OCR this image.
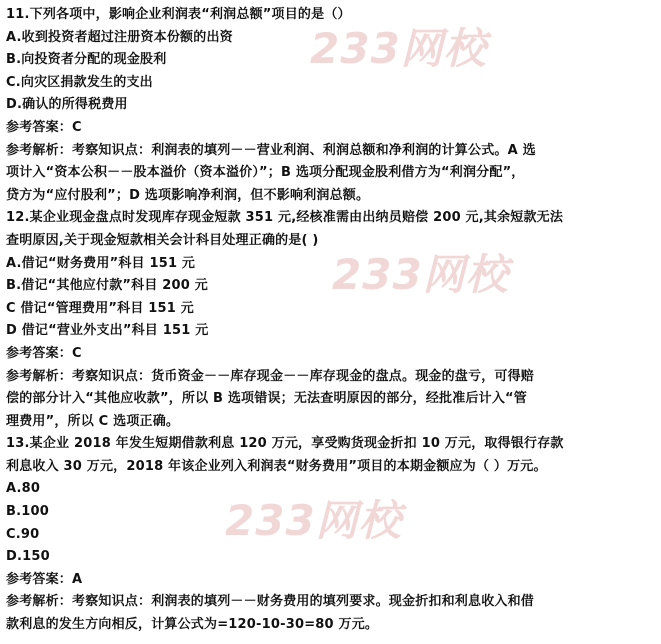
233网校
233网校
233网校
11.下列各项中，影响企业利润表“利润总额”项目的是（）
A.收到投资者超过注册资本份额的出资
B.向投资者分配的现金股利
C.向灾区捐款发生的支出
D.确认的所得税费用
参考答案：C
参考解析：考察知识点：利润表的填列－－营业利润、利润总额和净利润的计算公式。A 选
项计入“资本公积－－股本溢价（资本溢价）”；B 选项分配现金股利借方为“利润分配”，
贷方为“应付股利”；D 选项影响净利润，但不影响利润总额。
12.某企业现金盘点时发现库存现金短款 351 元,经核准需由出纳员赔偿 200 元,其余短款无法
查明原因,关于现金短款相关会计科目处理正确的是( )
A.借记“财务费用”科目 151 元
B.借记“其他应付款”科目 200 元
C 借记“管理费用”科目 151 元
D 借记“营业外支出”科目 151 元
参考答案：C
参考解析：考察知识点：货币资金－－库存现金－－库存现金的盘点。现金的盘亏，可得赔
偿的部分计入“其他应收款”，所以 B 选项错误；无法查明原因的部分，经批准后计入“管
理费用”，所以 C 选项正确。
13.某企业 2018 年发生短期借款利息 120 万元，享受购货现金折扣 10 万元，取得银行存款
利息收入 30 万元，2018 年该企业列入利润表“财务费用”项目的本期金额应为（ ）万元。
A.80
B.100
C.90
D.150
参考答案：A
参考解析：考察知识点：利润表的填列－－财务费用的填列要求。现金折扣和利息收入和借
款利息的发生方向相反，计算公式为=120-10-30=80 万元。
